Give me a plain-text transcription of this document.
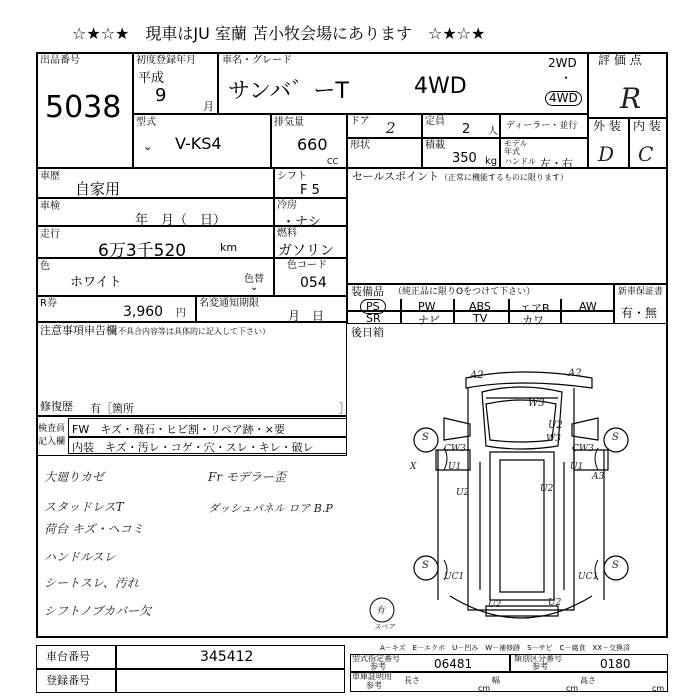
☆★☆★　現車はJU 室蘭 苫小牧会場にあります　☆★☆★
出品番号
5038
初度登録年月
平成
9
月
車名・グレード
サンバ゛ーT	4WD
2WD
・
4WD
評 価 点
R
型式
V-KS4
⌄
排気量
660
CC
ドア 2	定員
2 人 ディーラー・並行
形状	積載
350 kg
モデル
年式
ハンドル 左・右
外 装 内 装
D C
車歴
自家用
シフト
F 5
車検
年　月（　日）
冷房
・ナシ
走行
6万3千520	km
燃料
ガソリン
色
ホワイト	色替
⌄
色コード
054
R券
3,960 円
名変通知期限
月　日
セールスポイント （正常に機能するものに限ります）
装備品 （純正品に限りOをつけて下さい）
PS	PW	ABS	エアB	AW
SR	ナビ	TV	カワ
新車保証書
有・無
後日箱
注意事項申告欄
（不具合内容等は具体的に記入して下さい）
修復歴 有［箇所	］
検査員
記入欄
FW　キズ・飛石・ヒビ割・リペア跡・×要
内装　キズ・汚レ・コゲ・穴・スレ・キレ・破レ
大廻りカゼ
スタッドレスT
荷台 キズ・ヘコミ
ハンドルスレ
シートスレ、汚れ
シフトノブカバー欠
Fr モデラー歪
ダッシュパネル ロア B.P
A2	A2
W3
U2
W3
S	S
CW3	CW3
U1	U1
U2	U2
A3
X
S	S
UC1	UC1
U2	U2
有
スペア
A－キズ　E－エクボ　U－凹み　W－補修跡　S－サビ　C－腐食　XX－交換済
車台番号	345412
登録番号
型式指定番号
参考	06481	類別区分番号
参考	0180
車庫証明用
参考
長さ
cm
幅
cm
高さ
cm
